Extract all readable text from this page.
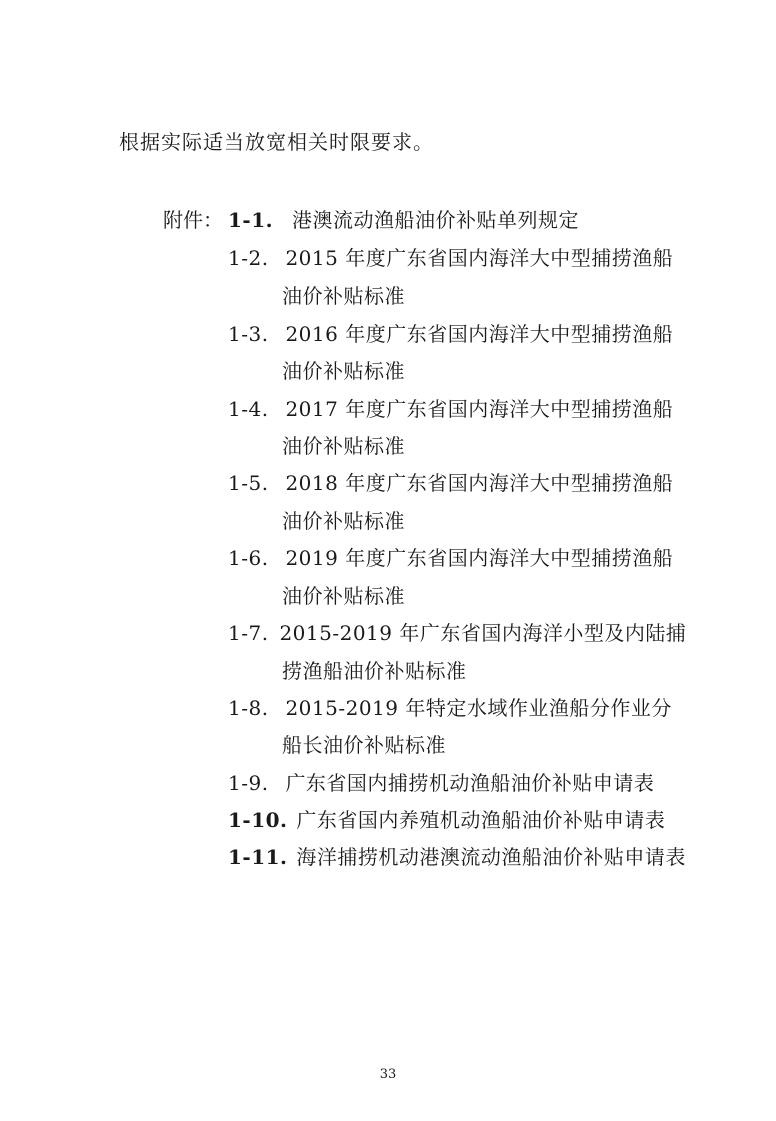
根据实际适当放宽相关时限要求。
附件： 1-1. 港澳流动渔船油价补贴单列规定
1-2. 2015 年度广东省国内海洋大中型捕捞渔船
油价补贴标准
1-3. 2016 年度广东省国内海洋大中型捕捞渔船
油价补贴标准
1-4. 2017 年度广东省国内海洋大中型捕捞渔船
油价补贴标准
1-5. 2018 年度广东省国内海洋大中型捕捞渔船
油价补贴标准
1-6. 2019 年度广东省国内海洋大中型捕捞渔船
油价补贴标准
1-7. 2015-2019 年广东省国内海洋小型及内陆捕
捞渔船油价补贴标准
1-8. 2015-2019 年特定水域作业渔船分作业分
船长油价补贴标准
1-9. 广东省国内捕捞机动渔船油价补贴申请表
1-10. 广东省国内养殖机动渔船油价补贴申请表
1-11. 海洋捕捞机动港澳流动渔船油价补贴申请表
33
